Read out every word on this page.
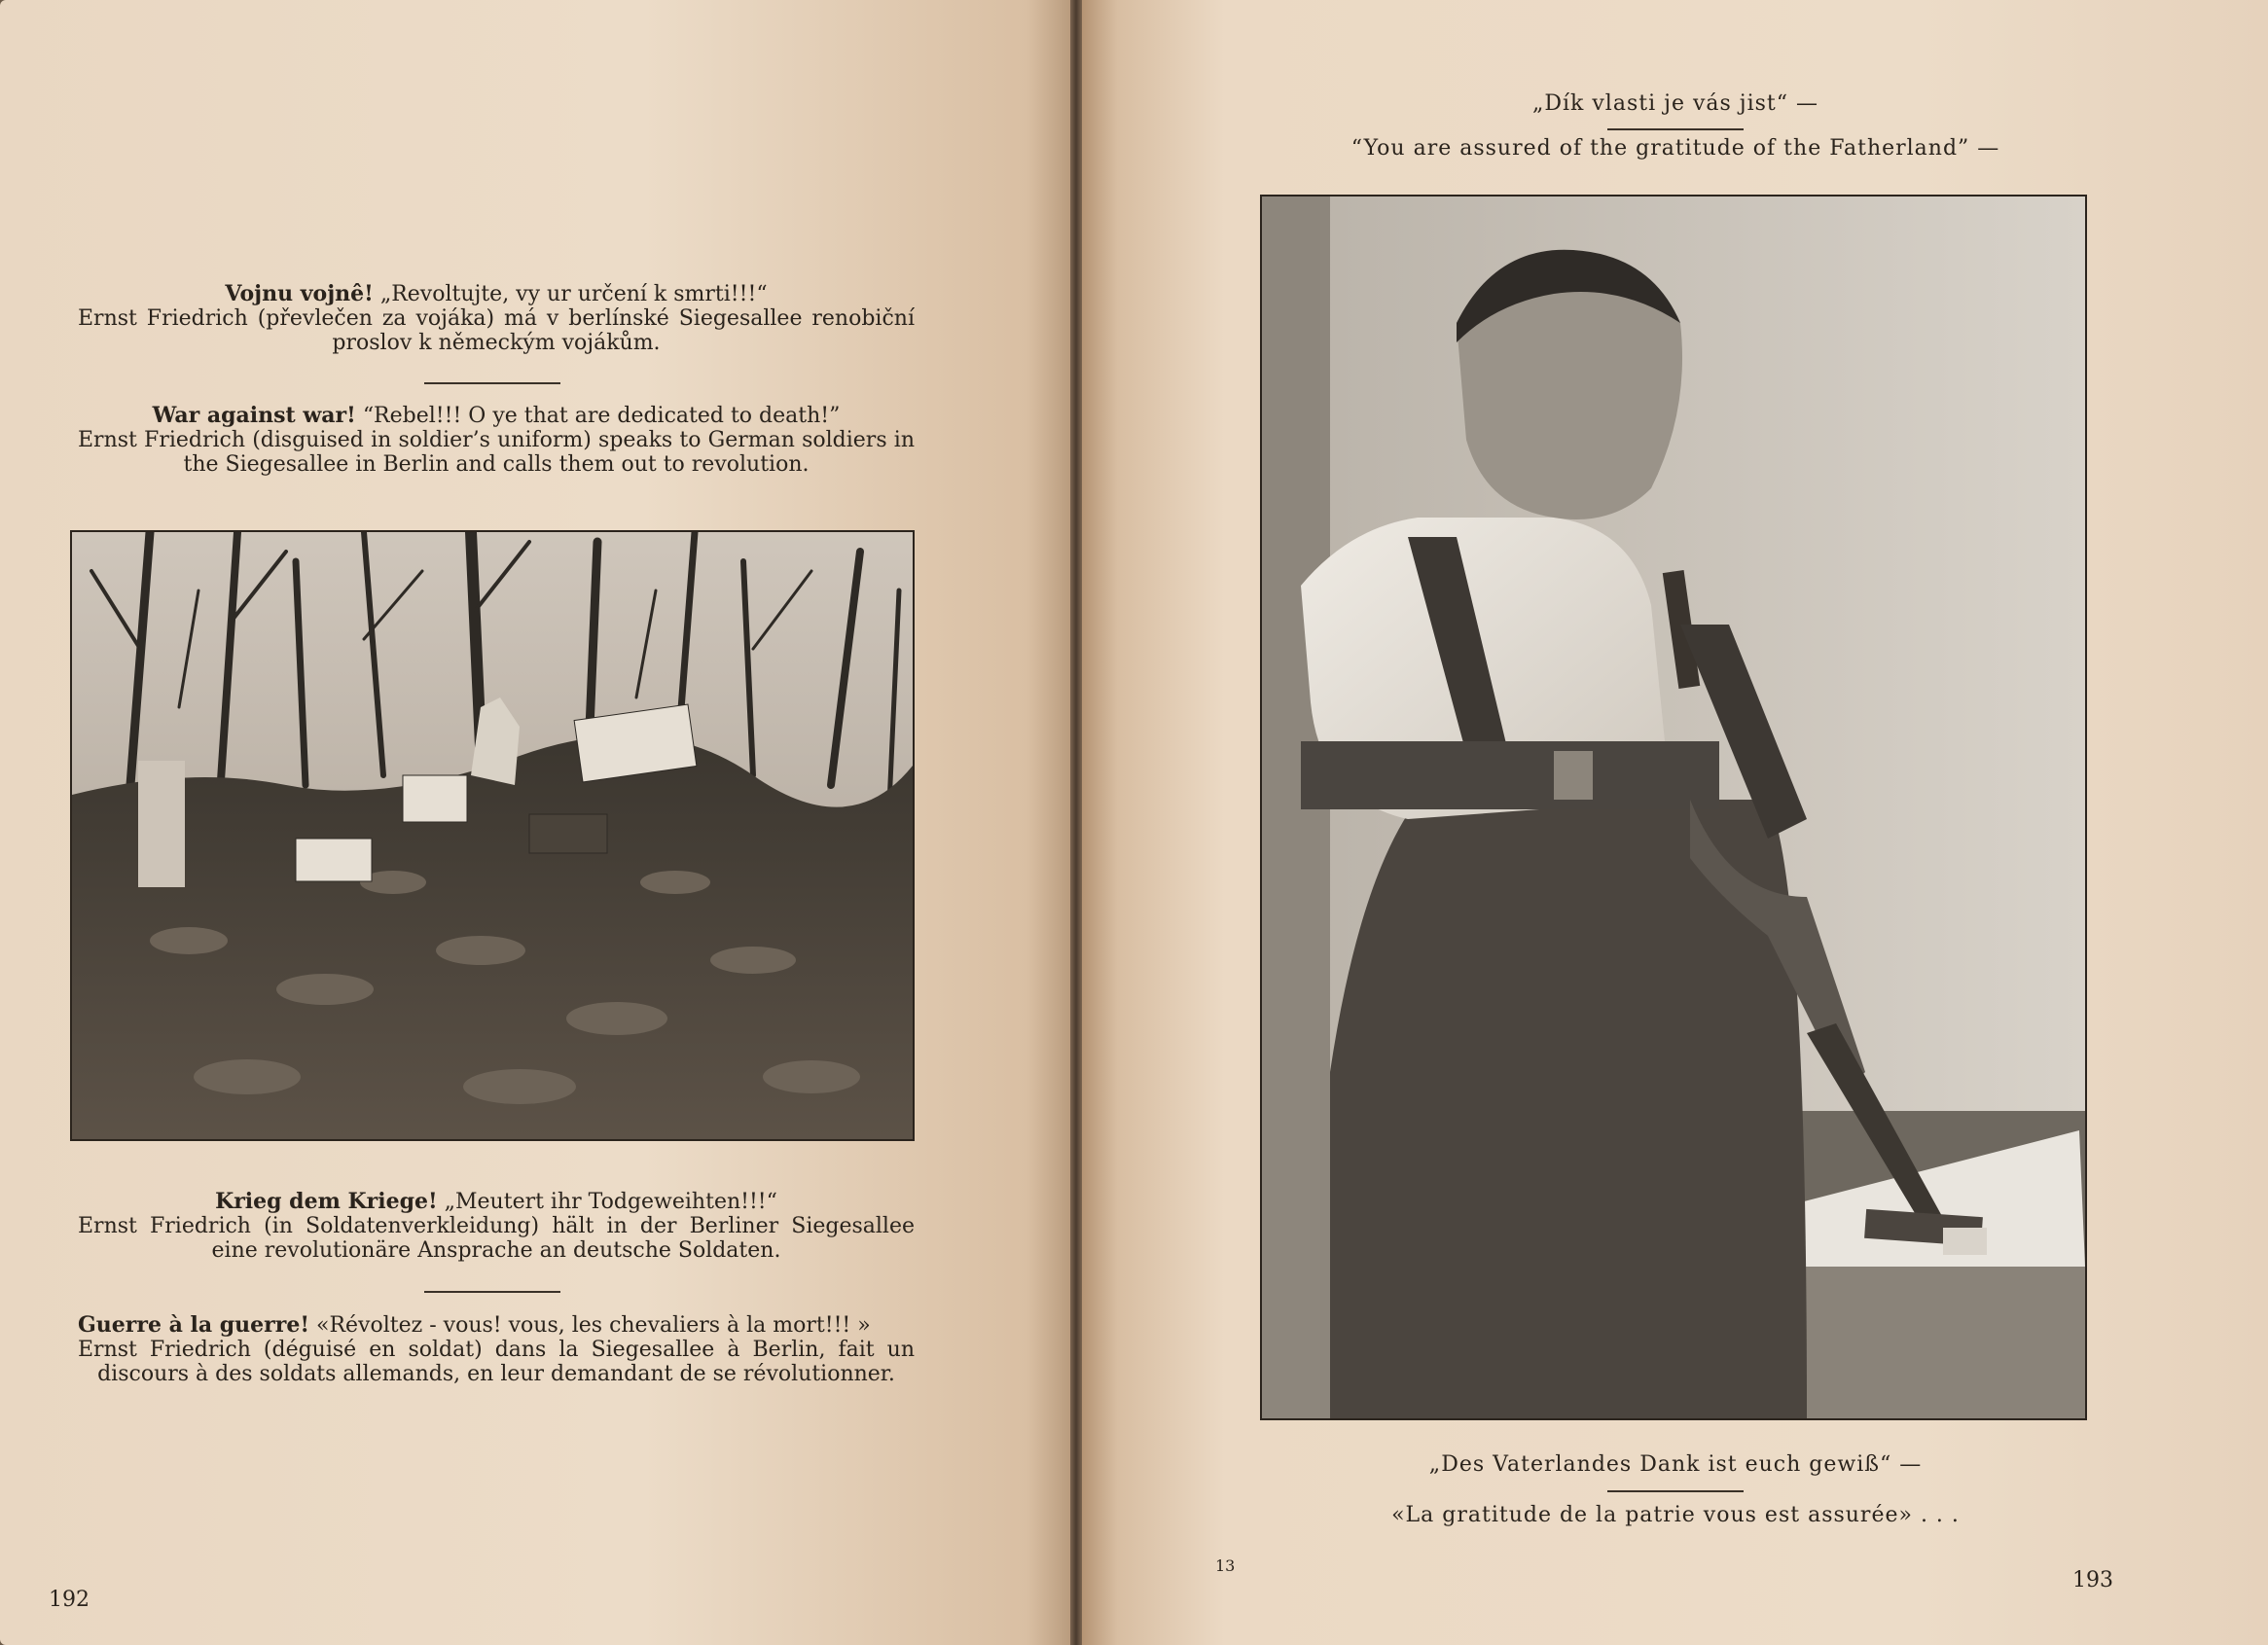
Vojnu vojnê! „Revoltujte, vy ur určení k smrti!!!“
Ernst Friedrich (převlečen za vojáka) má v berlínské Siegesallee renobiční proslov k německým vojákům.
War against war! “Rebel!!! O ye that are dedicated to death!”
Ernst Friedrich (disguised in soldier’s uniform) speaks to German soldiers in the Siegesallee in Berlin and calls them out to revolution.
Krieg dem Kriege! „Meutert ihr Todgeweihten!!!“
Ernst Friedrich (in Soldatenverkleidung) hält in der Berliner Siegesallee eine revolutionäre Ansprache an deutsche Soldaten.
Guerre à la guerre! «Révoltez - vous! vous, les chevaliers à la mort!!! »
Ernst Friedrich (déguisé en soldat) dans la Siegesallee à Berlin, fait un discours à des soldats allemands, en leur demandant de se révolutionner.
192
„Dík vlasti je vás jist“ —
“You are assured of the gratitude of the Fatherland” —
„Des Vaterlandes Dank ist euch gewiß“ —
«La gratitude de la patrie vous est assurée» . . .
13
193
